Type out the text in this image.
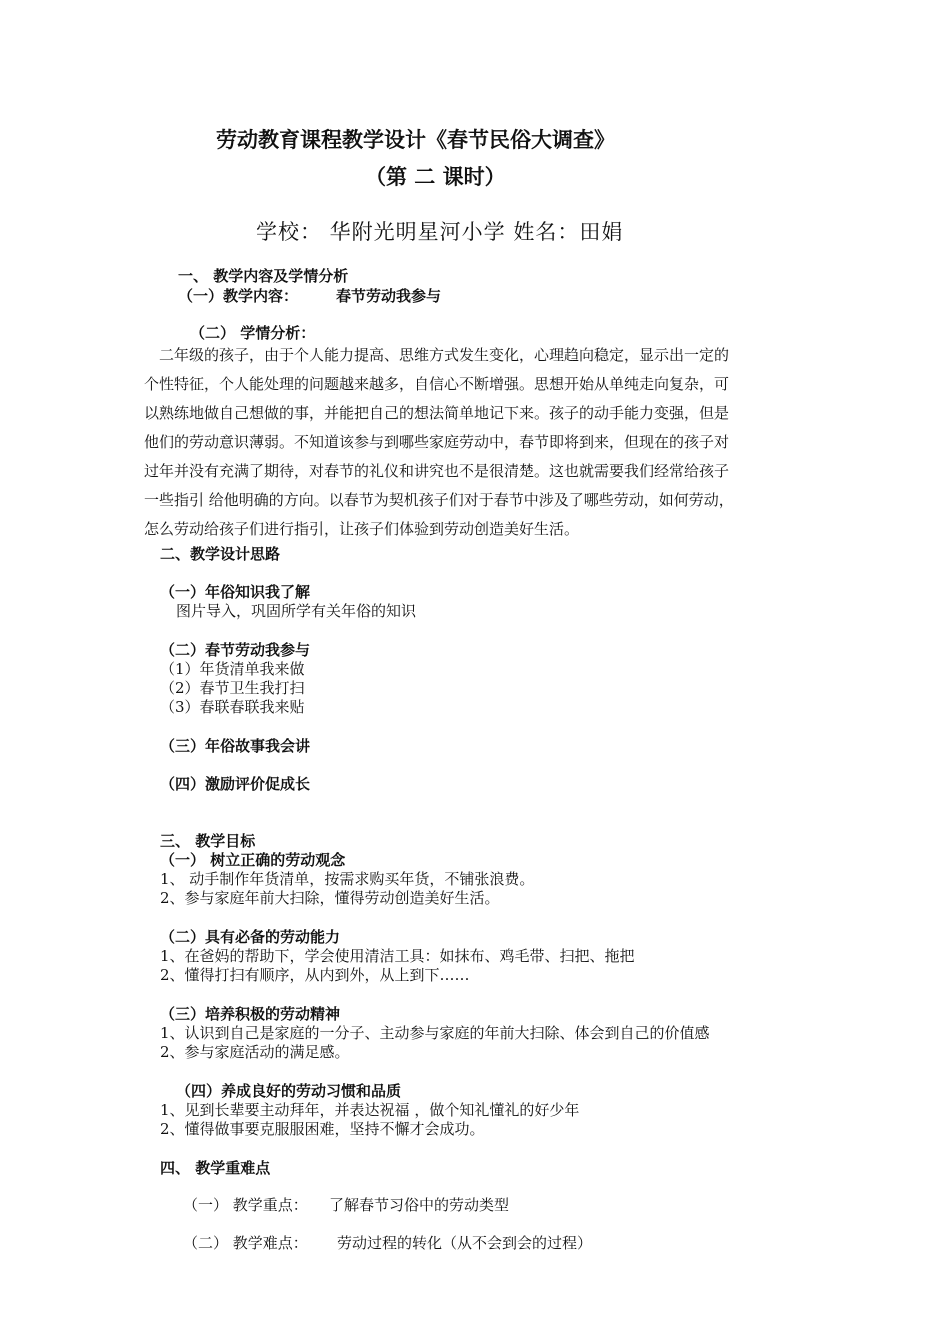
劳动教育课程教学设计《春节民俗大调查》
（第 二 课时）
学校： 华附光明星河小学 姓名：田娟
一、 教学内容及学情分析
（一）教学内容：	春节劳动我参与
（二） 学情分析：
二年级的孩子，由于个人能力提高、思维方式发生变化，心理趋向稳定，显示出一定的
个性特征，个人能处理的问题越来越多，自信心不断增强。思想开始从单纯走向复杂，可
以熟练地做自己想做的事，并能把自己的想法简单地记下来。孩子的动手能力变强，但是
他们的劳动意识薄弱。不知道该参与到哪些家庭劳动中，春节即将到来，但现在的孩子对
过年并没有充满了期待，对春节的礼仪和讲究也不是很清楚。这也就需要我们经常给孩子
一些指引 给他明确的方向。以春节为契机孩子们对于春节中涉及了哪些劳动，如何劳动，
怎么劳动给孩子们进行指引，让孩子们体验到劳动创造美好生活。
二、教学设计思路
（一）年俗知识我了解
图片导入，巩固所学有关年俗的知识
（二）春节劳动我参与
（1）年货清单我来做
（2）春节卫生我打扫
（3）春联春联我来贴
（三）年俗故事我会讲
（四）激励评价促成长
三、 教学目标
（一） 树立正确的劳动观念
1、 动手制作年货清单，按需求购买年货，不铺张浪费。
2、参与家庭年前大扫除，懂得劳动创造美好生活。
（二）具有必备的劳动能力
1、在爸妈的帮助下，学会使用清洁工具：如抹布、鸡毛带、扫把、拖把
2、懂得打扫有顺序，从内到外，从上到下……
（三）培养积极的劳动精神
1、认识到自己是家庭的一分子、主动参与家庭的年前大扫除、体会到自己的价值感
2、参与家庭活动的满足感。
（四）养成良好的劳动习惯和品质
1、见到长辈要主动拜年，并表达祝福 ，做个知礼懂礼的好少年
2、懂得做事要克服服困难，坚持不懈才会成功。
四、 教学重难点
（一） 教学重点： 了解春节习俗中的劳动类型
（二） 教学难点： 劳动过程的转化（从不会到会的过程）
